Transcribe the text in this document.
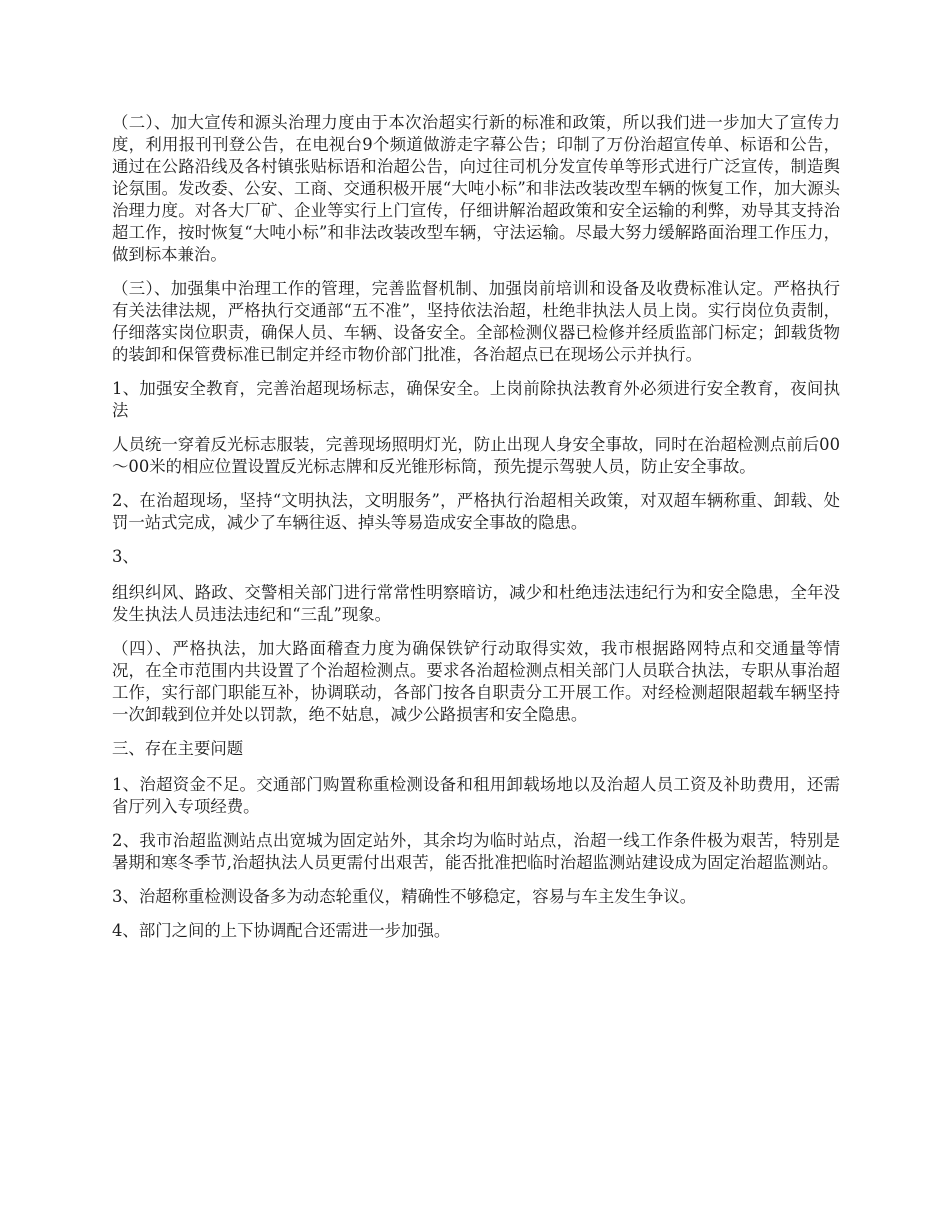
（二）、加大宣传和源头治理力度由于本次治超实行新的标准和政策，所以我们进一步加大了宣传力度，利用报刊刊登公告，在电视台9个频道做游走字幕公告；印制了万份治超宣传单、标语和公告，通过在公路沿线及各村镇张贴标语和治超公告，向过往司机分发宣传单等形式进行广泛宣传，制造舆论氛围。发改委、公安、工商、交通积极开展“大吨小标”和非法改装改型车辆的恢复工作，加大源头治理力度。对各大厂矿、企业等实行上门宣传，仔细讲解治超政策和安全运输的利弊，劝导其支持治超工作，按时恢复“大吨小标”和非法改装改型车辆，守法运输。尽最大努力缓解路面治理工作压力，做到标本兼治。

（三）、加强集中治理工作的管理，完善监督机制、加强岗前培训和设备及收费标准认定。严格执行有关法律法规，严格执行交通部“五不准”，坚持依法治超，杜绝非执法人员上岗。实行岗位负责制，仔细落实岗位职责，确保人员、车辆、设备安全。全部检测仪器已检修并经质监部门标定；卸载货物的装卸和保管费标准已制定并经市物价部门批准，各治超点已在现场公示并执行。

1、加强安全教育，完善治超现场标志，确保安全。上岗前除执法教育外必须进行安全教育，夜间执法

人员统一穿着反光标志服装，完善现场照明灯光，防止出现人身安全事故，同时在治超检测点前后00～00米的相应位置设置反光标志牌和反光锥形标筒，预先提示驾驶人员，防止安全事故。

2、在治超现场，坚持“文明执法，文明服务”，严格执行治超相关政策，对双超车辆称重、卸载、处罚一站式完成，减少了车辆往返、掉头等易造成安全事故的隐患。

3、

组织纠风、路政、交警相关部门进行常常性明察暗访，减少和杜绝违法违纪行为和安全隐患，全年没发生执法人员违法违纪和“三乱”现象。

（四）、严格执法，加大路面稽查力度为确保铁铲行动取得实效，我市根据路网特点和交通量等情况，在全市范围内共设置了个治超检测点。要求各治超检测点相关部门人员联合执法，专职从事治超工作，实行部门职能互补，协调联动，各部门按各自职责分工开展工作。对经检测超限超载车辆坚持一次卸载到位并处以罚款，绝不姑息，减少公路损害和安全隐患。

三、存在主要问题

1、治超资金不足。交通部门购置称重检测设备和租用卸载场地以及治超人员工资及补助费用，还需省厅列入专项经费。

2、我市治超监测站点出宽城为固定站外，其余均为临时站点，治超一线工作条件极为艰苦，特别是暑期和寒冬季节,治超执法人员更需付出艰苦，能否批准把临时治超监测站建设成为固定治超监测站。

3、治超称重检测设备多为动态轮重仪，精确性不够稳定，容易与车主发生争议。

4、部门之间的上下协调配合还需进一步加强。
